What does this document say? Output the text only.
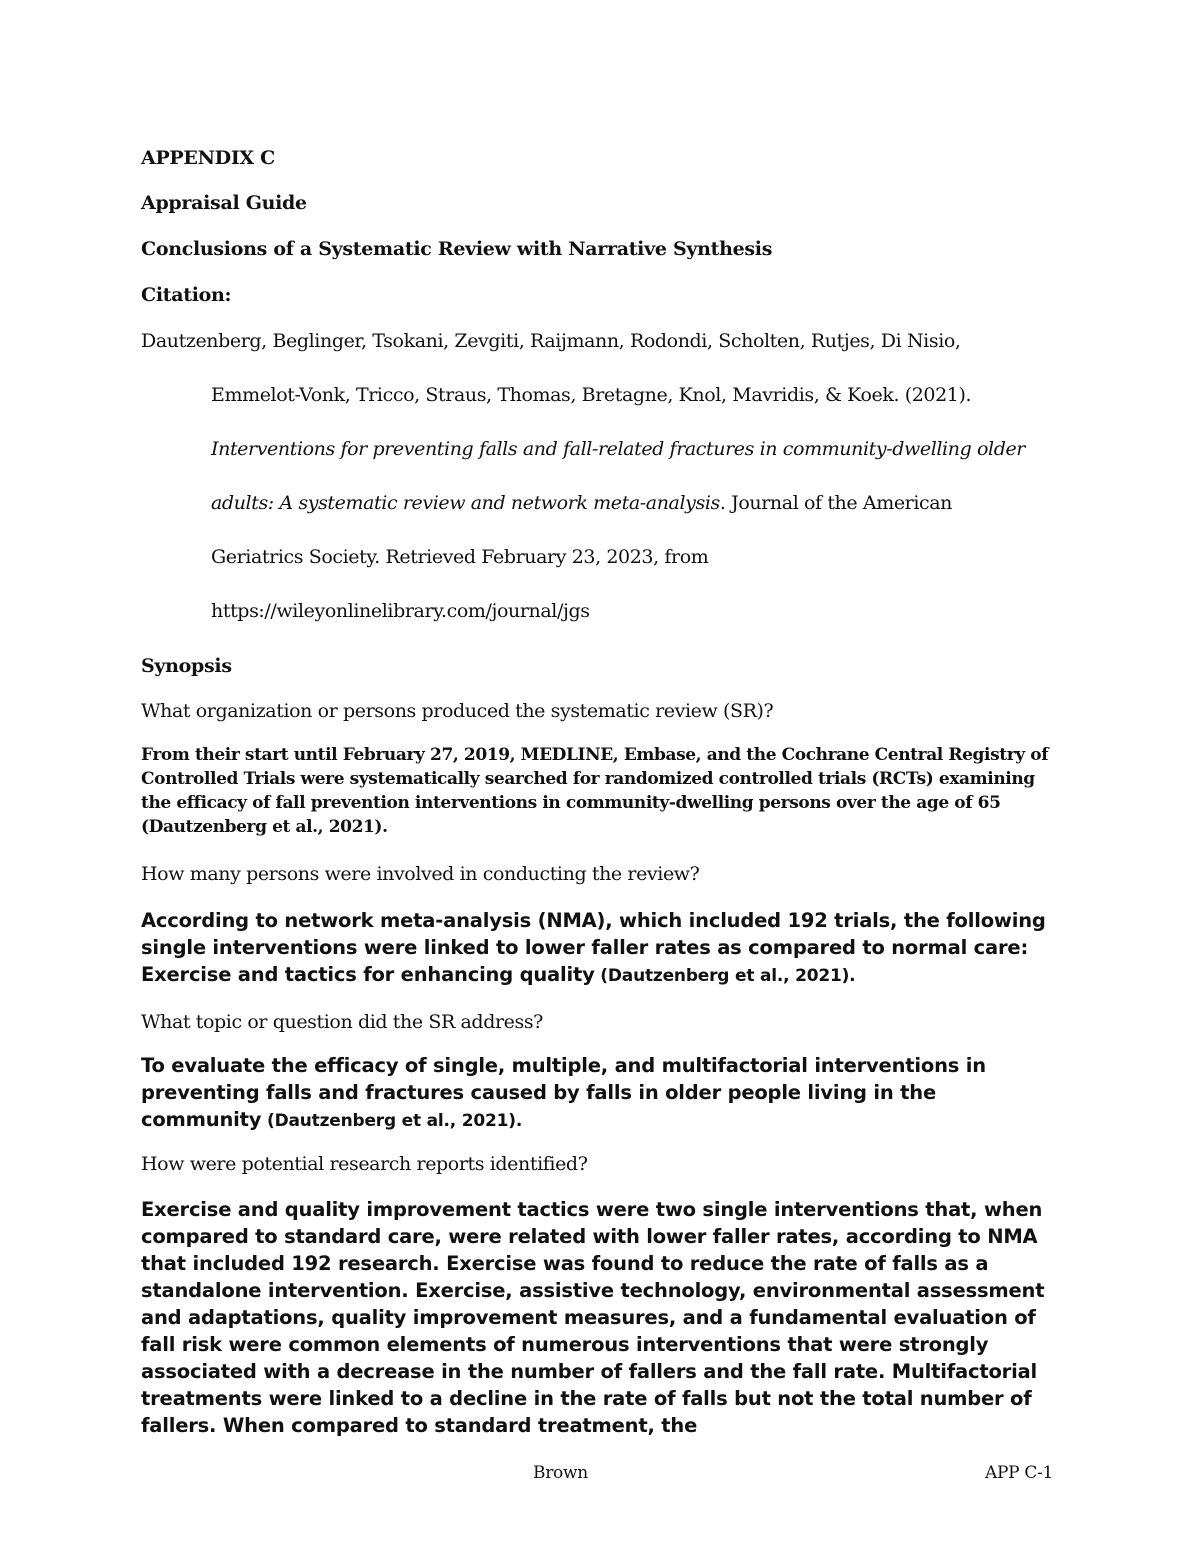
APPENDIX C

Appraisal Guide

Conclusions of a Systematic Review with Narrative Synthesis

Citation:

Dautzenberg, Beglinger, Tsokani, Zevgiti, Raijmann, Rodondi, Scholten, Rutjes, Di Nisio,

Emmelot-Vonk, Tricco, Straus, Thomas, Bretagne, Knol, Mavridis, & Koek. (2021).

Interventions for preventing falls and fall-related fractures in community-dwelling older

adults: A systematic review and network meta-analysis. Journal of the American

Geriatrics Society. Retrieved February 23, 2023, from

https://wileyonlinelibrary.com/journal/jgs

Synopsis

What organization or persons produced the systematic review (SR)?

From their start until February 27, 2019, MEDLINE, Embase, and the Cochrane Central Registry of Controlled Trials were systematically searched for randomized controlled trials (RCTs) examining the efficacy of fall prevention interventions in community-dwelling persons over the age of 65 (Dautzenberg et al., 2021).

How many persons were involved in conducting the review?

According to network meta-analysis (NMA), which included 192 trials, the following single interventions were linked to lower faller rates as compared to normal care: Exercise and tactics for enhancing quality (Dautzenberg et al., 2021).

What topic or question did the SR address?

To evaluate the efficacy of single, multiple, and multifactorial interventions in preventing falls and fractures caused by falls in older people living in the community (Dautzenberg et al., 2021).

How were potential research reports identified?

Exercise and quality improvement tactics were two single interventions that, when compared to standard care, were related with lower faller rates, according to NMA that included 192 research. Exercise was found to reduce the rate of falls as a standalone intervention. Exercise, assistive technology, environmental assessment and adaptations, quality improvement measures, and a fundamental evaluation of fall risk were common elements of numerous interventions that were strongly associated with a decrease in the number of fallers and the fall rate. Multifactorial treatments were linked to a decline in the rate of falls but not the total number of fallers. When compared to standard treatment, the

Brown	APP C-1
